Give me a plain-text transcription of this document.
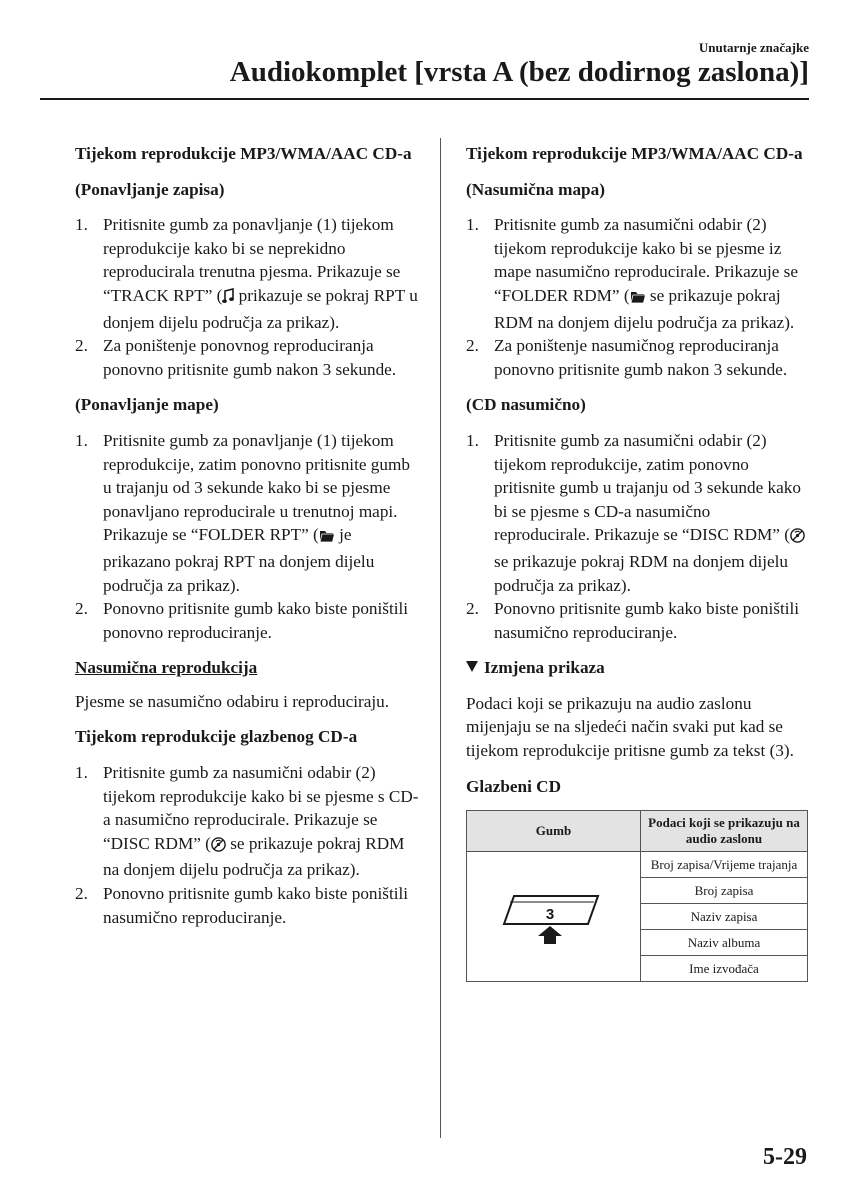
Unutarnje značajke
Audiokomplet [vrsta A (bez dodirnog zaslona)]
Tijekom reprodukcije MP3/WMA/AAC CD-a
(Ponavljanje zapisa)
1. Pritisnite gumb za ponavljanje (1) tijekom reprodukcije kako bi se neprekidno reproducirala trenutna pjesma. Prikazuje se “TRACK RPT” ( prikazuje se pokraj RPT u donjem dijelu područja za prikaz).
2. Za poništenje ponovnog reproduciranja ponovno pritisnite gumb nakon 3 sekunde.
(Ponavljanje mape)
1. Pritisnite gumb za ponavljanje (1) tijekom reprodukcije, zatim ponovno pritisnite gumb u trajanju od 3 sekunde kako bi se pjesme ponavljano reproducirale u trenutnoj mapi. Prikazuje se “FOLDER RPT” ( je prikazano pokraj RPT na donjem dijelu područja za prikaz).
2. Ponovno pritisnite gumb kako biste poništili ponovno reproduciranje.
Nasumična reprodukcija
Pjesme se nasumično odabiru i reproduciraju.
Tijekom reprodukcije glazbenog CD-a
1. Pritisnite gumb za nasumični odabir (2) tijekom reprodukcije kako bi se pjesme s CD-a nasumično reproducirale. Prikazuje se “DISC RDM” ( se prikazuje pokraj RDM na donjem dijelu područja za prikaz).
2. Ponovno pritisnite gumb kako biste poništili nasumično reproduciranje.
Tijekom reprodukcije MP3/WMA/AAC CD-a
(Nasumična mapa)
1. Pritisnite gumb za nasumični odabir (2) tijekom reprodukcije kako bi se pjesme iz mape nasumično reproducirale. Prikazuje se “FOLDER RDM” ( se prikazuje pokraj RDM na donjem dijelu područja za prikaz).
2. Za poništenje nasumičnog reproduciranja ponovno pritisnite gumb nakon 3 sekunde.
(CD nasumično)
1. Pritisnite gumb za nasumični odabir (2) tijekom reprodukcije, zatim ponovno pritisnite gumb u trajanju od 3 sekunde kako bi se pjesme s CD-a nasumično reproducirale. Prikazuje se “DISC RDM” ( se prikazuje pokraj RDM na donjem dijelu područja za prikaz).
2. Ponovno pritisnite gumb kako biste poništili nasumično reproduciranje.
Izmjena prikaza
Podaci koji se prikazuju na audio zaslonu mijenjaju se na sljedeći način svaki put kad se tijekom reprodukcije pritisne gumb za tekst (3).
Glazbeni CD
Gumb	Podaci koji se prikazuju na audio zaslonu

3	Broj zapisa/Vrijeme trajanja
	Broj zapisa
	Naziv zapisa
	Naziv albuma
	Ime izvođača
5-29
